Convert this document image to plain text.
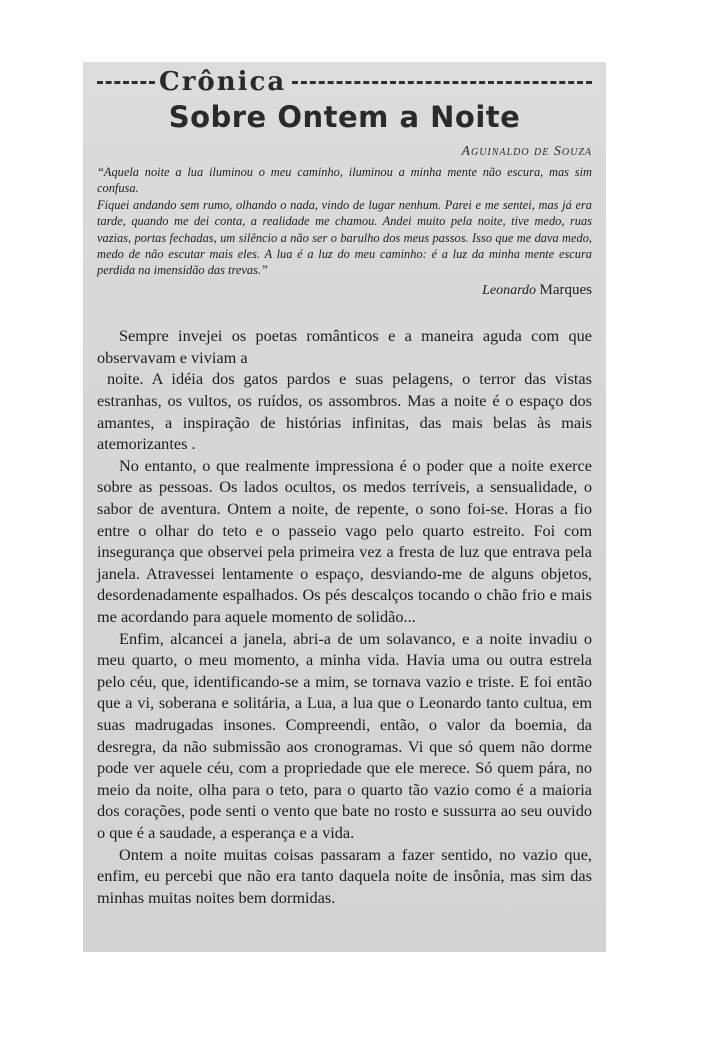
Crônica
Sobre Ontem a Noite
Aguinaldo de Souza

“Aquela noite a lua iluminou o meu caminho, iluminou a minha mente não escura, mas sim confusa.

Fiquei andando sem rumo, olhando o nada, vindo de lugar nenhum. Parei e me sentei, mas já era tarde, quando me dei conta, a realidade me chamou. Andei muito pela noite, tive medo, ruas vazias, portas fechadas, um silêncio a não ser o barulho dos meus passos. Isso que me dava medo, medo de não escutar mais eles. A lua é a luz do meu caminho: é a luz da minha mente escura perdida na imensidão das trevas.”

Leonardo Marques

Sempre invejei os poetas românticos e a maneira aguda com que observavam e viviam a

noite. A idéia dos gatos pardos e suas pelagens, o terror das vistas estranhas, os vultos, os ruídos, os assombros. Mas a noite é o espaço dos amantes, a inspiração de histórias infinitas, das mais belas às mais atemorizantes .

No entanto, o que realmente impressiona é o poder que a noite exerce sobre as pessoas. Os lados ocultos, os medos terríveis, a sensualidade, o sabor de aventura. Ontem a noite, de repente, o sono foi-se. Horas a fio entre o olhar do teto e o passeio vago pelo quarto estreito. Foi com insegurança que observei pela primeira vez a fresta de luz que entrava pela janela. Atravessei lentamente o espaço, desviando-me de alguns objetos, desordenadamente espalhados. Os pés descalços tocando o chão frio e mais me acordando para aquele momento de solidão...

Enfim, alcancei a janela, abri-a de um solavanco, e a noite invadiu o meu quarto, o meu momento, a minha vida. Havia uma ou outra estrela pelo céu, que, identificando-se a mim, se tornava vazio e triste. E foi então que a vi, soberana e solitária, a Lua, a lua que o Leonardo tanto cultua, em suas madrugadas insones. Compreendi, então, o valor da boemia, da desregra, da não submissão aos cronogramas. Vi que só quem não dorme pode ver aquele céu, com a propriedade que ele merece. Só quem pára, no meio da noite, olha para o teto, para o quarto tão vazio como é a maioria dos corações, pode senti o vento que bate no rosto e sussurra ao seu ouvido o que é a saudade, a esperança e a vida.

Ontem a noite muitas coisas passaram a fazer sentido, no vazio que, enfim, eu percebi que não era tanto daquela noite de insônia, mas sim das minhas muitas noites bem dormidas.
